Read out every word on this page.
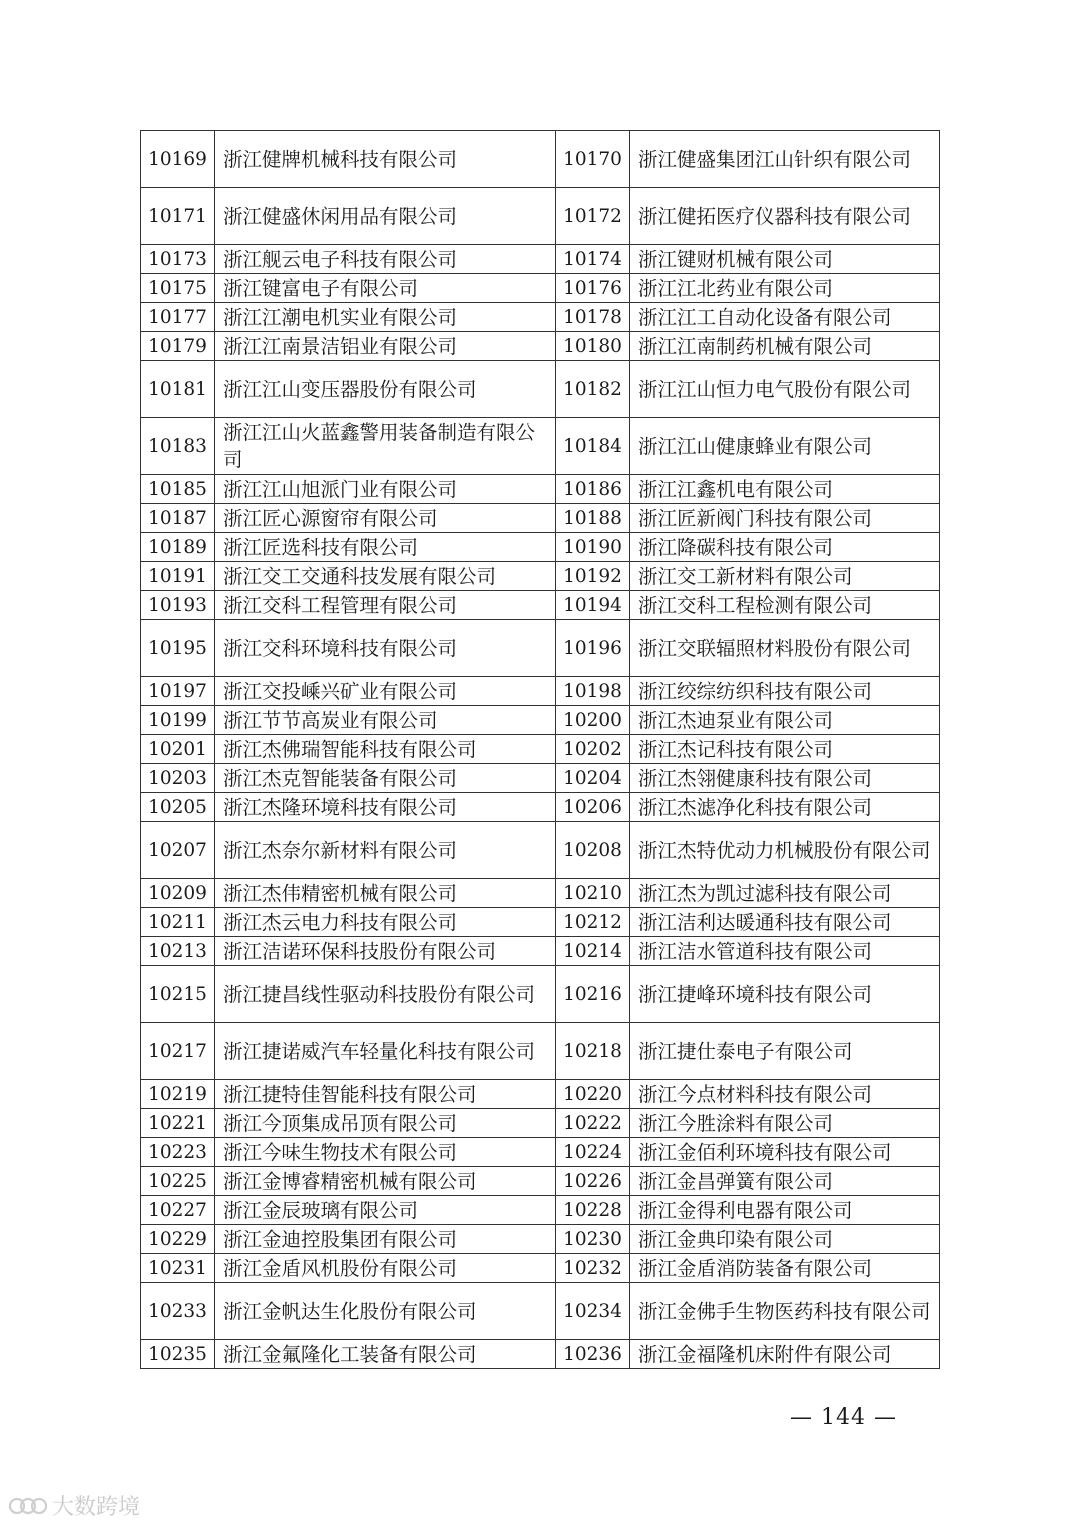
10169	浙江健牌机械科技有限公司	10170	浙江健盛集团江山针织有限公司
10171	浙江健盛休闲用品有限公司	10172	浙江健拓医疗仪器科技有限公司
10173	浙江舰云电子科技有限公司	10174	浙江键财机械有限公司
10175	浙江键富电子有限公司	10176	浙江江北药业有限公司
10177	浙江江潮电机实业有限公司	10178	浙江江工自动化设备有限公司
10179	浙江江南景洁铝业有限公司	10180	浙江江南制药机械有限公司
10181	浙江江山变压器股份有限公司	10182	浙江江山恒力电气股份有限公司
10183	浙江江山火蓝鑫警用装备制造有限公司	10184	浙江江山健康蜂业有限公司
10185	浙江江山旭派门业有限公司	10186	浙江江鑫机电有限公司
10187	浙江匠心源窗帘有限公司	10188	浙江匠新阀门科技有限公司
10189	浙江匠选科技有限公司	10190	浙江降碳科技有限公司
10191	浙江交工交通科技发展有限公司	10192	浙江交工新材料有限公司
10193	浙江交科工程管理有限公司	10194	浙江交科工程检测有限公司
10195	浙江交科环境科技有限公司	10196	浙江交联辐照材料股份有限公司
10197	浙江交投嵊兴矿业有限公司	10198	浙江绞综纺织科技有限公司
10199	浙江节节高炭业有限公司	10200	浙江杰迪泵业有限公司
10201	浙江杰佛瑞智能科技有限公司	10202	浙江杰记科技有限公司
10203	浙江杰克智能装备有限公司	10204	浙江杰翎健康科技有限公司
10205	浙江杰隆环境科技有限公司	10206	浙江杰滤净化科技有限公司
10207	浙江杰奈尔新材料有限公司	10208	浙江杰特优动力机械股份有限公司
10209	浙江杰伟精密机械有限公司	10210	浙江杰为凯过滤科技有限公司
10211	浙江杰云电力科技有限公司	10212	浙江洁利达暖通科技有限公司
10213	浙江洁诺环保科技股份有限公司	10214	浙江洁水管道科技有限公司
10215	浙江捷昌线性驱动科技股份有限公司	10216	浙江捷峰环境科技有限公司
10217	浙江捷诺威汽车轻量化科技有限公司	10218	浙江捷仕泰电子有限公司
10219	浙江捷特佳智能科技有限公司	10220	浙江今点材料科技有限公司
10221	浙江今顶集成吊顶有限公司	10222	浙江今胜涂料有限公司
10223	浙江今味生物技术有限公司	10224	浙江金佰利环境科技有限公司
10225	浙江金博睿精密机械有限公司	10226	浙江金昌弹簧有限公司
10227	浙江金辰玻璃有限公司	10228	浙江金得利电器有限公司
10229	浙江金迪控股集团有限公司	10230	浙江金典印染有限公司
10231	浙江金盾风机股份有限公司	10232	浙江金盾消防装备有限公司
10233	浙江金帆达生化股份有限公司	10234	浙江金佛手生物医药科技有限公司
10235	浙江金氟隆化工装备有限公司	10236	浙江金福隆机床附件有限公司
— 144 —
大数跨境
